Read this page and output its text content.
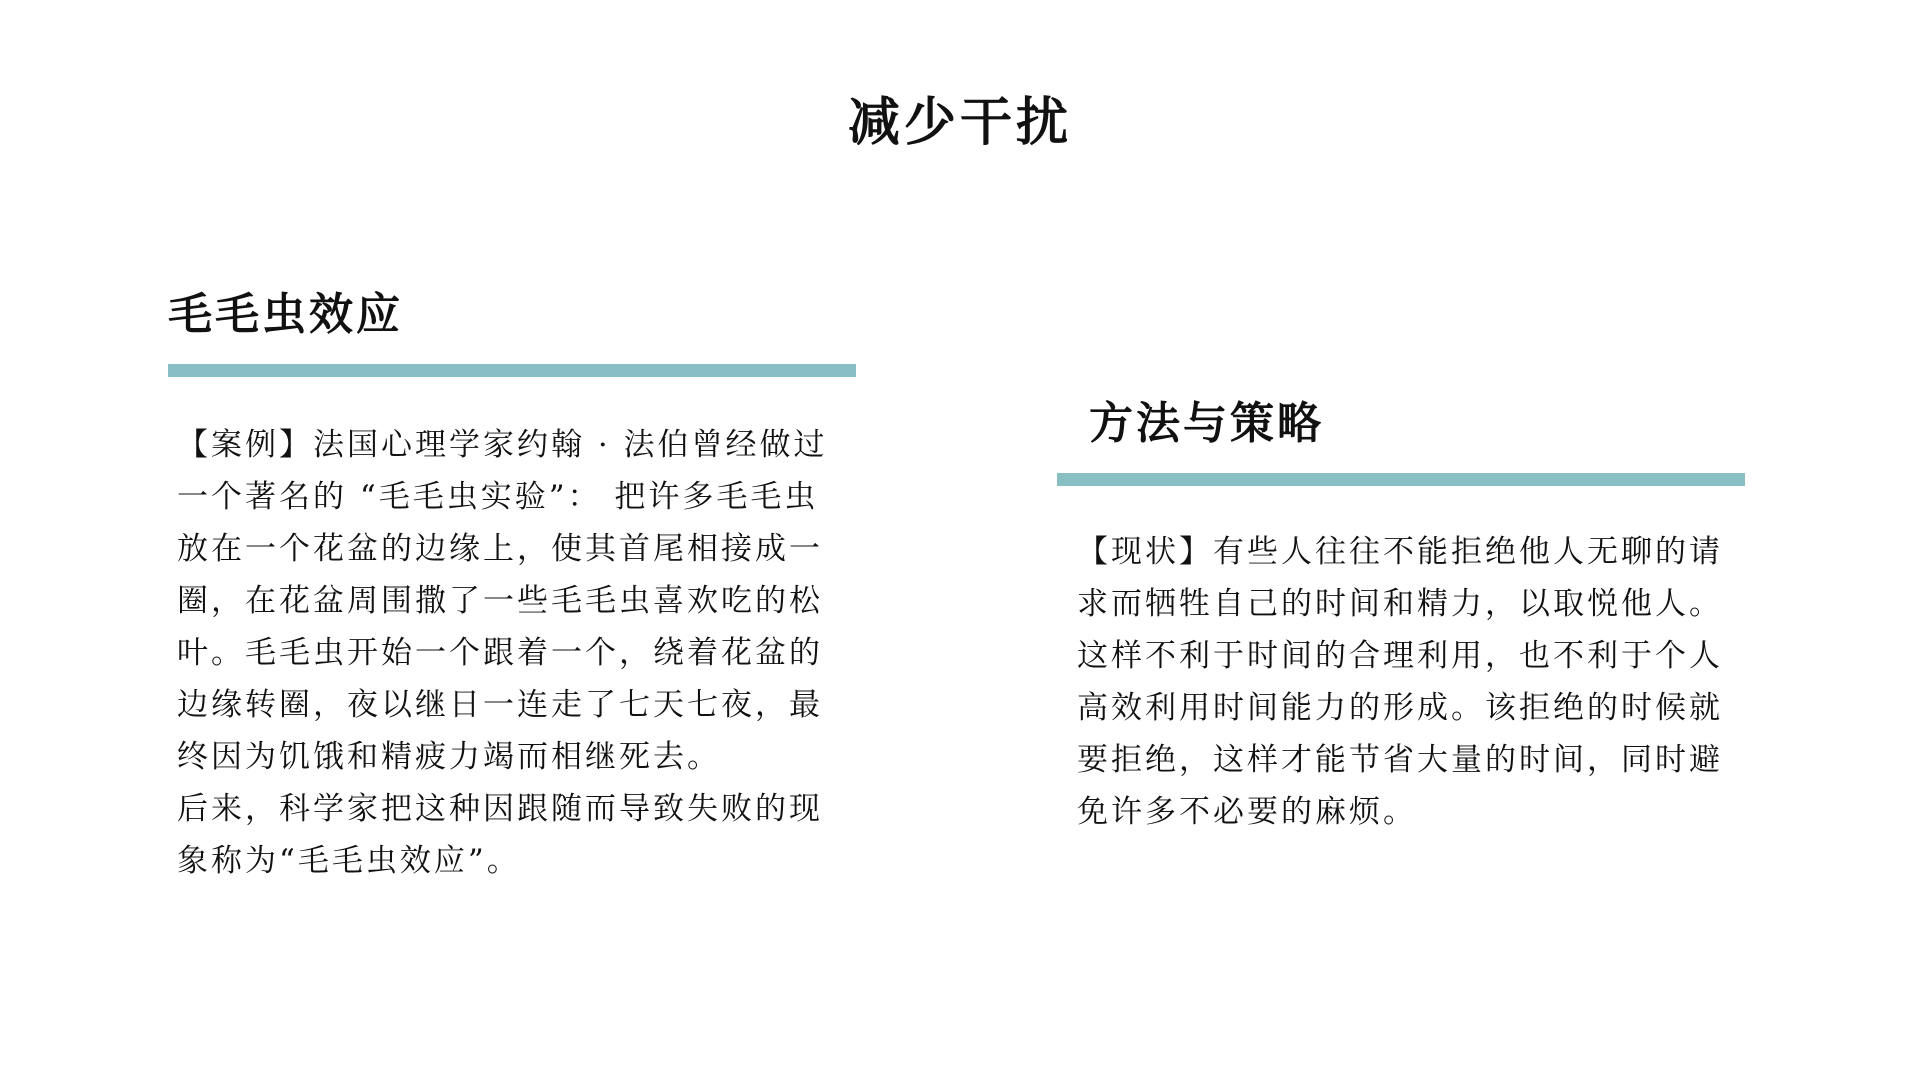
减少干扰
毛毛虫效应

【案例】法国心理学家约翰 · 法伯曾经做过一个著名的 “毛毛虫实验”： 把许多毛毛虫放在一个花盆的边缘上，使其首尾相接成一圈，在花盆周围撒了一些毛毛虫喜欢吃的松叶。毛毛虫开始一个跟着一个，绕着花盆的边缘转圈，夜以继日一连走了七天七夜，最终因为饥饿和精疲力竭而相继死去。

后来，科学家把这种因跟随而导致失败的现象称为“毛毛虫效应”。

方法与策略

【现状】有些人往往不能拒绝他人无聊的请求而牺牲自己的时间和精力，以取悦他人。这样不利于时间的合理利用，也不利于个人高效利用时间能力的形成。该拒绝的时候就要拒绝，这样才能节省大量的时间，同时避免许多不必要的麻烦。
